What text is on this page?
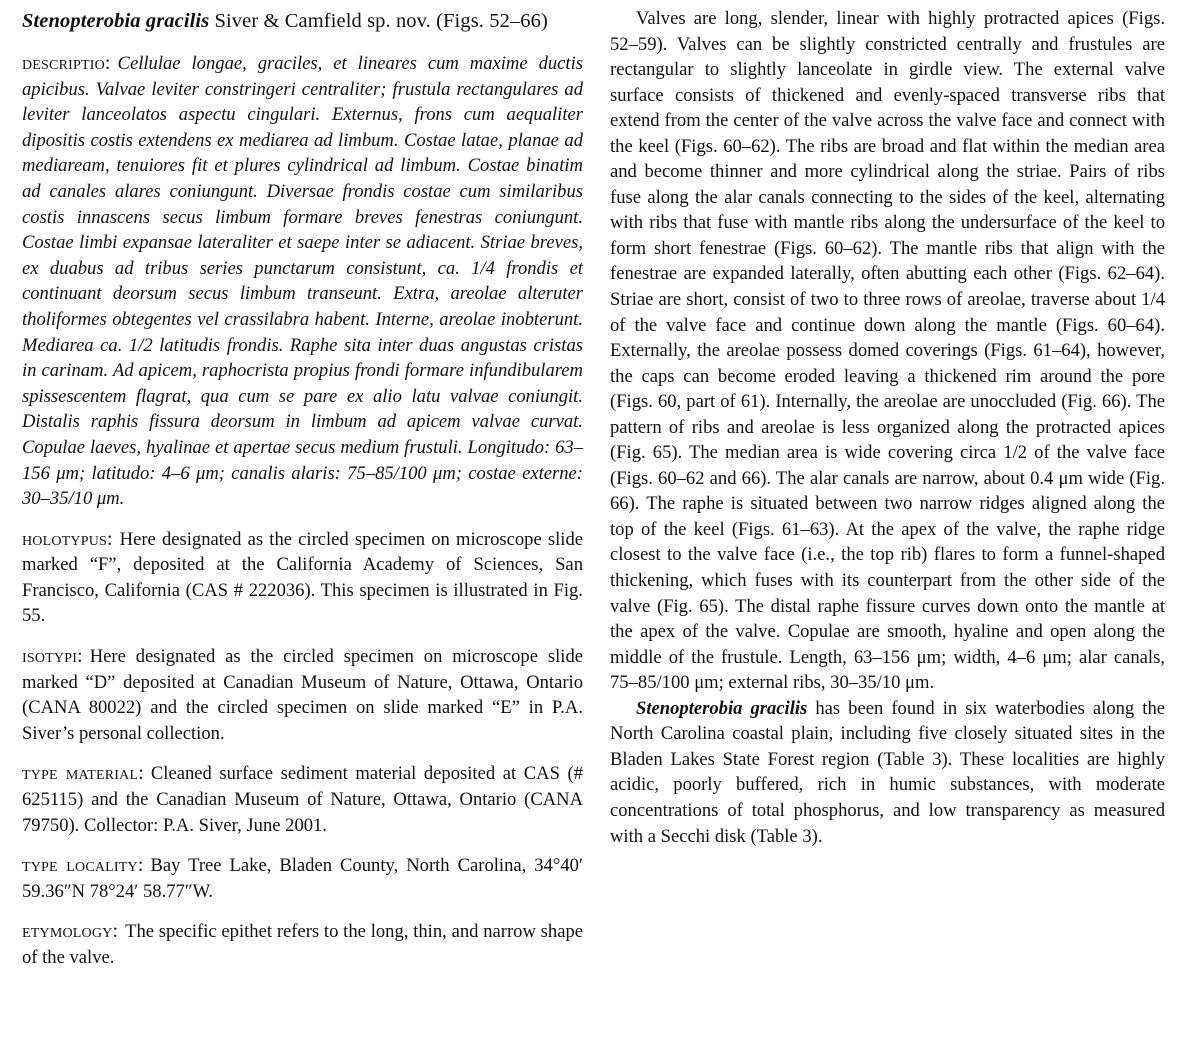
Stenopterobia gracilis Siver & Camfield sp. nov. (Figs. 52–66)

descriptio: Cellulae longae, graciles, et lineares cum maxime ductis apicibus. Valvae leviter constringeri centraliter; frustula rectangulares ad leviter lanceolatos aspectu cingulari. Externus, frons cum aequaliter dipositis costis extendens ex mediarea ad limbum. Costae latae, planae ad mediaream, tenuiores fit et plures cylindrical ad limbum. Costae binatim ad canales alares coniungunt. Diversae frondis costae cum similaribus costis innascens secus limbum formare breves fenestras coniungunt. Costae limbi expansae lateraliter et saepe inter se adiacent. Striae breves, ex duabus ad tribus series punctarum consistunt, ca. 1/4 frondis et continuant deorsum secus limbum transeunt. Extra, areolae alteruter tholiformes obtegentes vel crassilabra habent. Interne, areolae inobterunt. Mediarea ca. 1/2 latitudis frondis. Raphe sita inter duas angustas cristas in carinam. Ad apicem, raphocrista propius frondi formare infundibularem spissescentem flagrat, qua cum se pare ex alio latu valvae coniungit. Distalis raphis fissura deorsum in limbum ad apicem valvae curvat. Copulae laeves, hyalinae et apertae secus medium frustuli. Longitudo: 63–156 μm; latitudo: 4–6 μm; canalis alaris: 75–85/100 μm; costae externe: 30–35/10 μm.

holotypus: Here designated as the circled specimen on microscope slide marked “F”, deposited at the California Academy of Sciences, San Francisco, California (CAS # 222036). This specimen is illustrated in Fig. 55.

isotypi: Here designated as the circled specimen on microscope slide marked “D” deposited at Canadian Museum of Nature, Ottawa, Ontario (CANA 80022) and the circled specimen on slide marked “E” in P.A. Siver’s personal collection.

type material: Cleaned surface sediment material deposited at CAS (# 625115) and the Canadian Museum of Nature, Ottawa, Ontario (CANA 79750). Collector: P.A. Siver, June 2001.

type locality: Bay Tree Lake, Bladen County, North Carolina, 34°40′ 59.36″N 78°24′ 58.77″W.

etymology: The specific epithet refers to the long, thin, and narrow shape of the valve.

Valves are long, slender, linear with highly protracted apices (Figs. 52–59). Valves can be slightly constricted centrally and frustules are rectangular to slightly lanceolate in girdle view. The external valve surface consists of thickened and evenly-spaced transverse ribs that extend from the center of the valve across the valve face and connect with the keel (Figs. 60–62). The ribs are broad and flat within the median area and become thinner and more cylindrical along the striae. Pairs of ribs fuse along the alar canals connecting to the sides of the keel, alternating with ribs that fuse with mantle ribs along the undersurface of the keel to form short fenestrae (Figs. 60–62). The mantle ribs that align with the fenestrae are expanded laterally, often abutting each other (Figs. 62–64). Striae are short, consist of two to three rows of areolae, traverse about 1/4 of the valve face and continue down along the mantle (Figs. 60–64). Externally, the areolae possess domed coverings (Figs. 61–64), however, the caps can become eroded leaving a thickened rim around the pore (Figs. 60, part of 61). Internally, the areolae are unoccluded (Fig. 66). The pattern of ribs and areolae is less organized along the protracted apices (Fig. 65). The median area is wide covering circa 1/2 of the valve face (Figs. 60–62 and 66). The alar canals are narrow, about 0.4 μm wide (Fig. 66). The raphe is situated between two narrow ridges aligned along the top of the keel (Figs. 61–63). At the apex of the valve, the raphe ridge closest to the valve face (i.e., the top rib) flares to form a funnel-shaped thickening, which fuses with its counterpart from the other side of the valve (Fig. 65). The distal raphe fissure curves down onto the mantle at the apex of the valve. Copulae are smooth, hyaline and open along the middle of the frustule. Length, 63–156 μm; width, 4–6 μm; alar canals, 75–85/100 μm; external ribs, 30–35/10 μm.

Stenopterobia gracilis has been found in six waterbodies along the North Carolina coastal plain, including five closely situated sites in the Bladen Lakes State Forest region (Table 3). These localities are highly acidic, poorly buffered, rich in humic substances, with moderate concentrations of total phosphorus, and low transparency as measured with a Secchi disk (Table 3).
